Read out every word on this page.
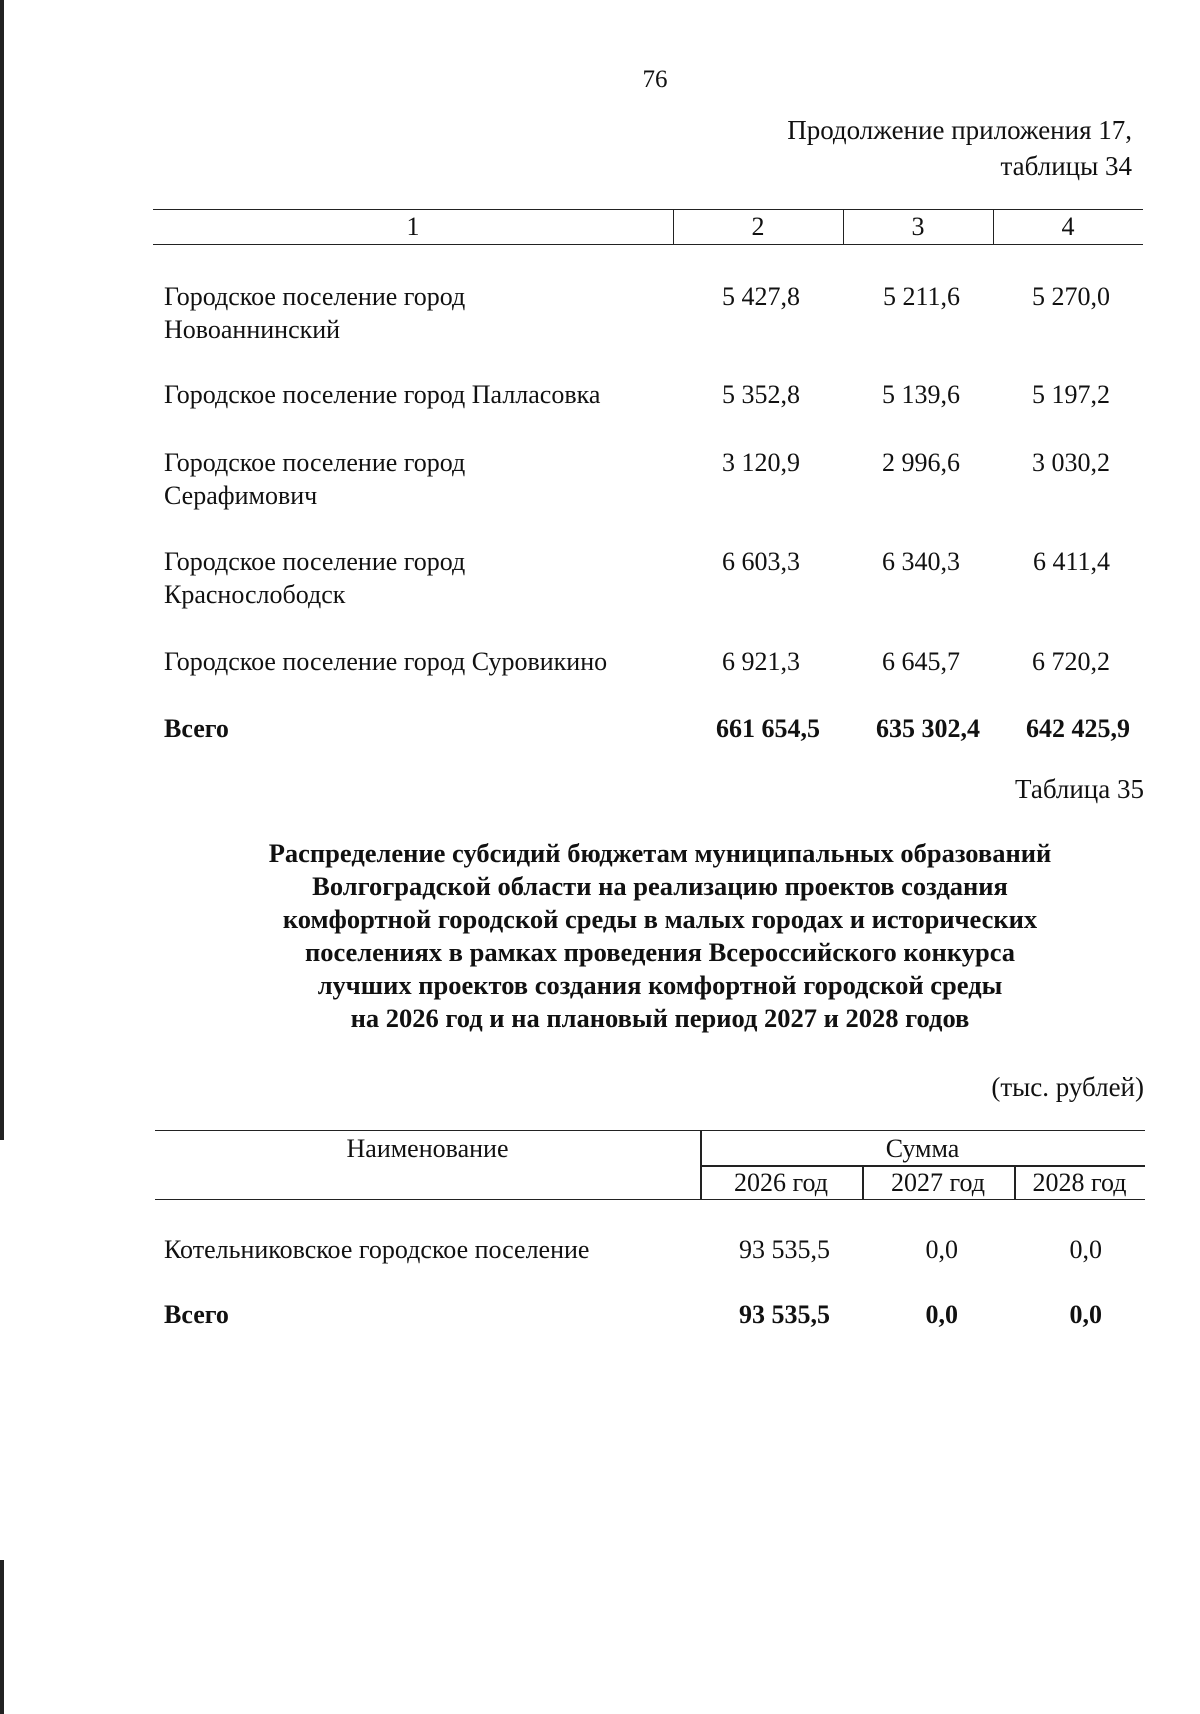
76
Продолжение приложения 17,
таблицы 34
1	2	3	4
Городское поселение город
Новоаннинский
5 427,8	5 211,6	5 270,0
Городское поселение город Палласовка	5 352,8	5 139,6	5 197,2
Городское поселение город
Серафимович
3 120,9	2 996,6	3 030,2
Городское поселение город
Краснослободск
6 603,3	6 340,3	6 411,4
Городское поселение город Суровикино	6 921,3	6 645,7	6 720,2
Всего	661 654,5	635 302,4	642 425,9
Таблица 35
Распределение субсидий бюджетам муниципальных образований
Волгоградской области на реализацию проектов создания
комфортной городской среды в малых городах и исторических
поселениях в рамках проведения Всероссийского конкурса
лучших проектов создания комфортной городской среды
на 2026 год и на плановый период 2027 и 2028 годов
(тыс. рублей)
Наименование	Сумма
2026 год	2027 год	2028 год
Котельниковское городское поселение	93 535,5	0,0	0,0
Всего	93 535,5	0,0	0,0
